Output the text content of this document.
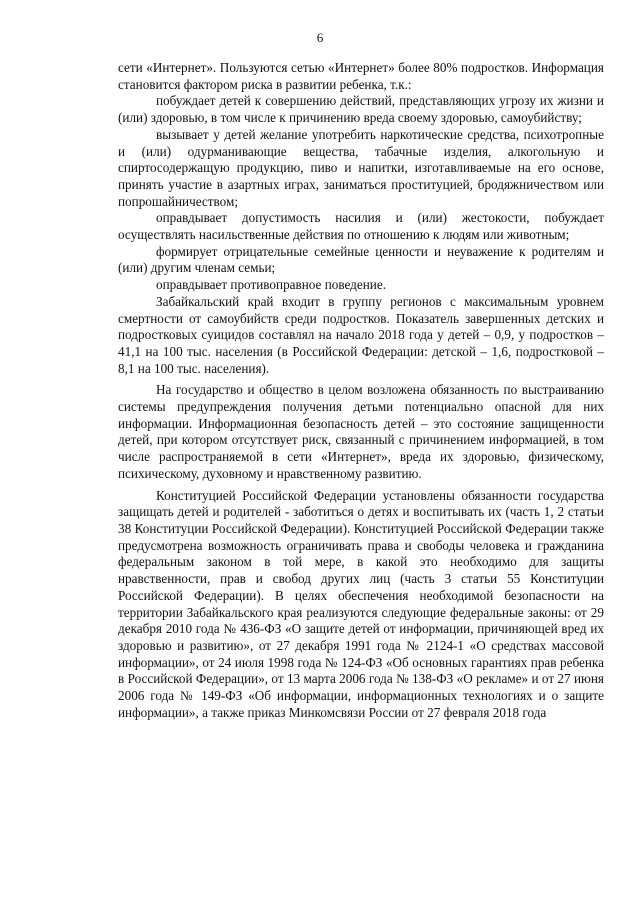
6

сети «Интернет». Пользуются сетью «Интернет» более 80% подростков. Информация становится фактором риска в развитии ребенка, т.к.:

побуждает детей к совершению действий, представляющих угрозу их жизни и (или) здоровью, в том числе к причинению вреда своему здоровью, самоубийству;

вызывает у детей желание употребить наркотические средства, психотропные и (или) одурманивающие вещества, табачные изделия, алкогольную и спиртосодержащую продукцию, пиво и напитки, изготавливаемые на его основе, принять участие в азартных играх, заниматься проституцией, бродяжничеством или попрошайничеством;

оправдывает допустимость насилия и (или) жестокости, побуждает осуществлять насильственные действия по отношению к людям или животным;

формирует отрицательные семейные ценности и неуважение к родителям и (или) другим членам семьи;

оправдывает противоправное поведение.

Забайкальский край входит в группу регионов с максимальным уровнем смертности от самоубийств среди подростков. Показатель завершенных детских и подростковых суицидов составлял на начало 2018 года у детей – 0,9, у подростков – 41,1 на 100 тыс. населения (в Российской Федерации: детской – 1,6, подростковой – 8,1 на 100 тыс. населения).

На государство и общество в целом возложена обязанность по выстраиванию системы предупреждения получения детьми потенциально опасной для них информации. Информационная безопасность детей – это состояние защищенности детей, при котором отсутствует риск, связанный с причинением информацией, в том числе распространяемой в сети «Интернет», вреда их здоровью, физическому, психическому, духовному и нравственному развитию.

Конституцией Российской Федерации установлены обязанности государства защищать детей и родителей - заботиться о детях и воспитывать их (часть 1, 2 статьи 38 Конституции Российской Федерации). Конституцией Российской Федерации также предусмотрена возможность ограничивать права и свободы человека и гражданина федеральным законом в той мере, в какой это необходимо для защиты нравственности, прав и свобод других лиц (часть 3 статьи 55 Конституции Российской Федерации). В целях обеспечения необходимой безопасности на территории Забайкальского края реализуются следующие федеральные законы: от 29 декабря 2010 года № 436-ФЗ «О защите детей от информации, причиняющей вред их здоровью и развитию», от 27 декабря 1991 года № 2124-1 «О средствах массовой информации», от 24 июля 1998 года № 124-ФЗ «Об основных гарантиях прав ребенка в Российской Федерации», от 13 марта 2006 года № 138-ФЗ «О рекламе» и от 27 июня 2006 года № 149-ФЗ «Об информации, информационных технологиях и о защите информации», а также приказ Минкомсвязи России от 27 февраля 2018 года
